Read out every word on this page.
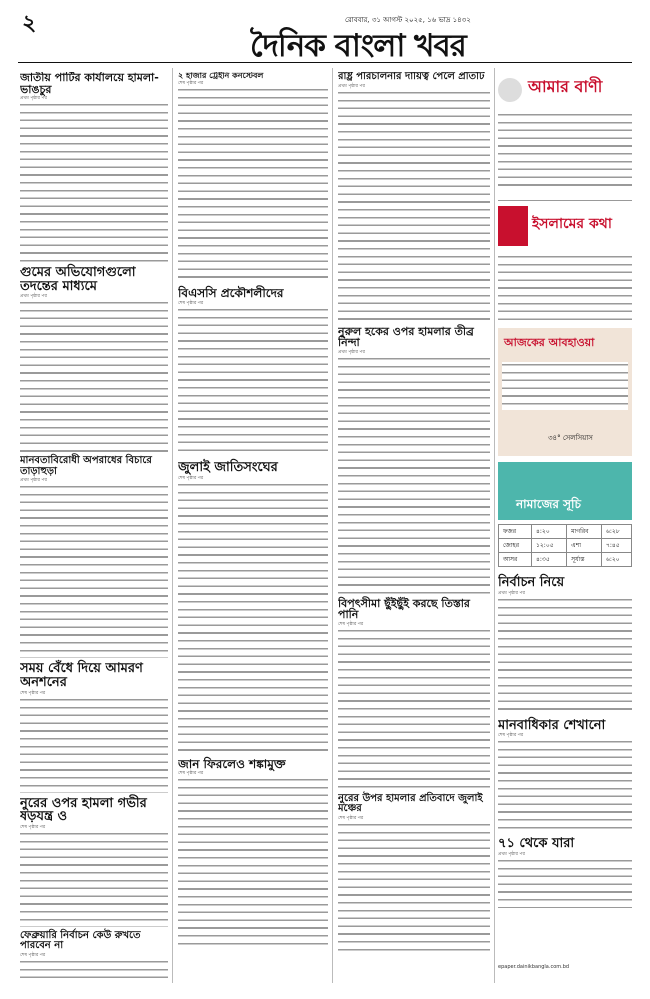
২	রোববার, ৩১ আগস্ট ২০২৫, ১৬ ভাদ্র ১৪৩২
দৈনিক বাংলা খবর

জাতীয় পার্টির কার্যালয়ে হামলা-ভাঙচুর

প্রথম পৃষ্ঠার পর

গুমের অভিযোগগুলো তদন্তের মাধ্যমে

প্রথম পৃষ্ঠার পর

মানবতাবিরোধী অপরাধের বিচারে তাড়াহুড়া

প্রথম পৃষ্ঠার পর

সময় বেঁধে দিয়ে আমরণ অনশনের

শেষ পৃষ্ঠার পর

নুরের ওপর হামলা গভীর ষড়যন্ত্র ও

শেষ পৃষ্ঠার পর

ফেব্রুয়ারি নির্বাচন কেউ রুখতে পারবেন না

শেষ পৃষ্ঠার পর

২ হাজার ট্রেইনি কনস্টেবল

শেষ পৃষ্ঠার পর

বিএসসি প্রকৌশলীদের

শেষ পৃষ্ঠার পর

জুলাই জাতিসংঘের

শেষ পৃষ্ঠার পর

জান ফিরলেও শঙ্কামুক্ত

শেষ পৃষ্ঠার পর

রাষ্ট্র পরিচালনার দায়িত্ব পেলে প্রতিটি

প্রথম পৃষ্ঠার পর

নুরুল হকের ওপর হামলার তীব্র নিন্দা

প্রথম পৃষ্ঠার পর

বিপৎসীমা ছুঁইছুঁই করছে তিস্তার পানি

শেষ পৃষ্ঠার পর

নুরের উপর হামলার প্রতিবাদে জুলাই মঞ্চের

শেষ পৃষ্ঠার পর
আমার বাণী
ইসলামের কথা
আজকের আবহাওয়া
৩৪° সেলসিয়াস
নামাজের সূচি
ফজর	৪:২০	মাগরিব	৬:২৮
জোহর	১২:০৫	এশা	৭:৪৫
আসর	৪:৩৫	সূর্যাস্ত	৬:২০

নির্বাচন নিয়ে

প্রথম পৃষ্ঠার পর

মানবাধিকার শেখানো

শেষ পৃষ্ঠার পর

৭১ থেকে যারা

প্রথম পৃষ্ঠার পর
epaper.dainikbangla.com.bd
